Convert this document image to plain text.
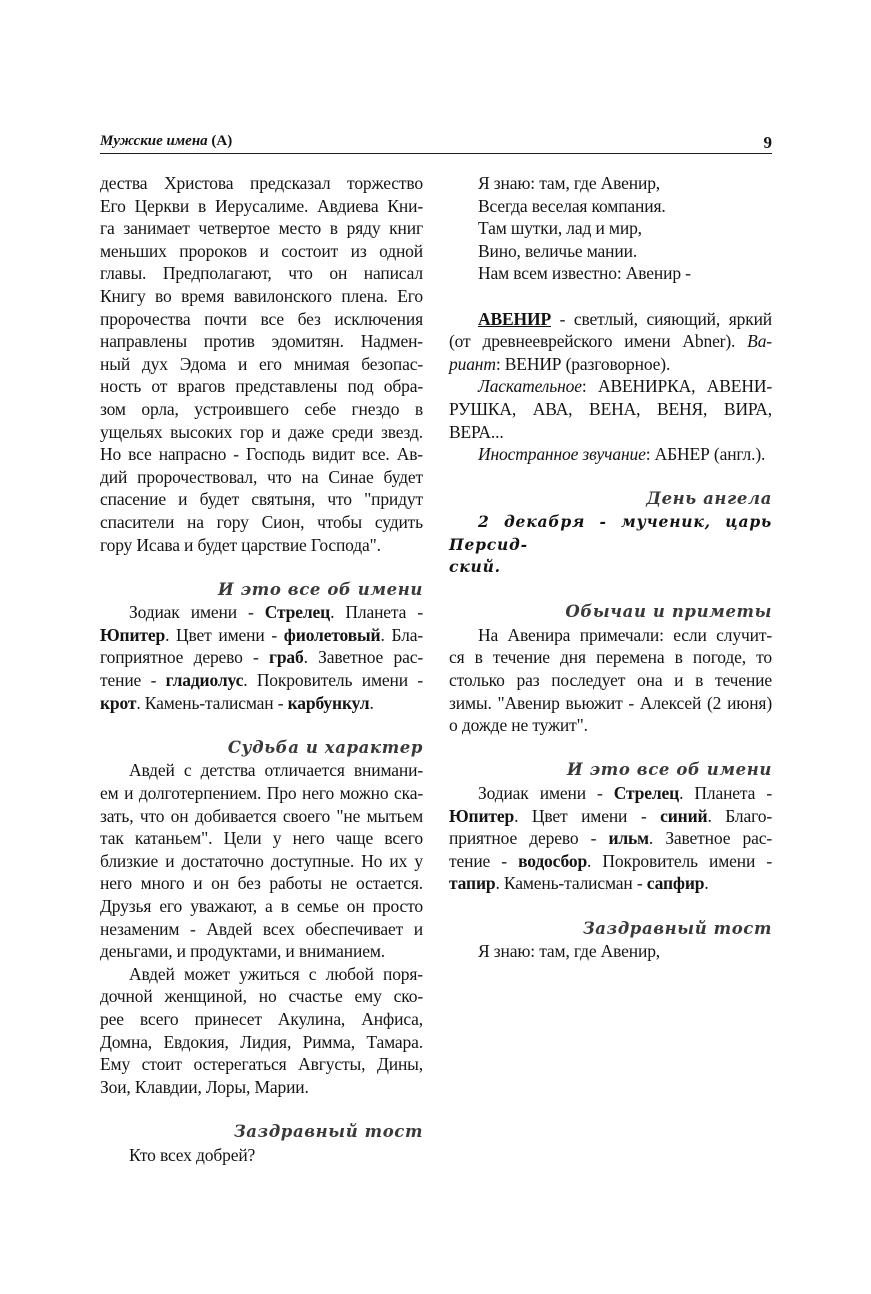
Мужские имена (А)	9

дества Христова предсказал торжество

Его Церкви в Иерусалиме. Авдиева Кни-

га занимает четвертое место в ряду книг

меньших пророков и состоит из одной

главы. Предполагают, что он написал

Книгу во время вавилонского плена. Его

пророчества почти все без исключения

направлены против эдомитян. Надмен-

ный дух Эдома и его мнимая безопас-

ность от врагов представлены под обра-

зом орла, устроившего себе гнездо в

ущельях высоких гор и даже среди звезд.

Но все напрасно - Господь видит все. Ав-

дий пророчествовал, что на Синае будет

спасение и будет святыня, что "придут

спасители на гору Сион, чтобы судить

гору Исава и будет царствие Господа".

И это все об имени

Зодиак имени - Стрелец. Планета -

Юпитер. Цвет имени - фиолетовый. Бла-

гоприятное дерево - граб. Заветное рас-

тение - гладиолус. Покровитель имени -

крот. Камень-талисман - карбункул.

Судьба и характер

Авдей с детства отличается внимани-

ем и долготерпением. Про него можно ска-

зать, что он добивается своего "не мытьем

так катаньем". Цели у него чаще всего

близкие и достаточно доступные. Но их у

него много и он без работы не остается.

Друзья его уважают, а в семье он просто

незаменим - Авдей всех обеспечивает и

деньгами, и продуктами, и вниманием.

Авдей может ужиться с любой поря-

дочной женщиной, но счастье ему ско-

рее всего принесет Акулина, Анфиса,

Домна, Евдокия, Лидия, Римма, Тамара.

Ему стоит остерегаться Августы, Дины,

Зои, Клавдии, Лоры, Марии.

Заздравный тост
Кто всех добрей?
Я знаю: там, где Авенир,
Всегда веселая компания.
Там шутки, лад и мир,
Вино, величье мании.
Нам всем известно: Авенир -

АВЕНИР - светлый, сияющий, яркий

(от древнееврейского имени Abner). Ва-

риант: ВЕНИР (разговорное).

Ласкательное: АВЕНИРКА, АВЕНИ-

РУШКА, АВА, ВЕНА, ВЕНЯ, ВИРА, ВЕРА...

Иностранное звучание: АБНЕР (англ.).

День ангела

2 декабря - мученик, царь Персид-

ский.

Обычаи и приметы

На Авенира примечали: если случит-

ся в течение дня перемена в погоде, то

столько раз последует она и в течение

зимы. "Авенир вьюжит - Алексей (2 июня)

о дожде не тужит".

И это все об имени

Зодиак имени - Стрелец. Планета -

Юпитер. Цвет имени - синий. Благо-

приятное дерево - ильм. Заветное рас-

тение - водосбор. Покровитель имени -

тапир. Камень-талисман - сапфир.

Заздравный тост
Я знаю: там, где Авенир,
